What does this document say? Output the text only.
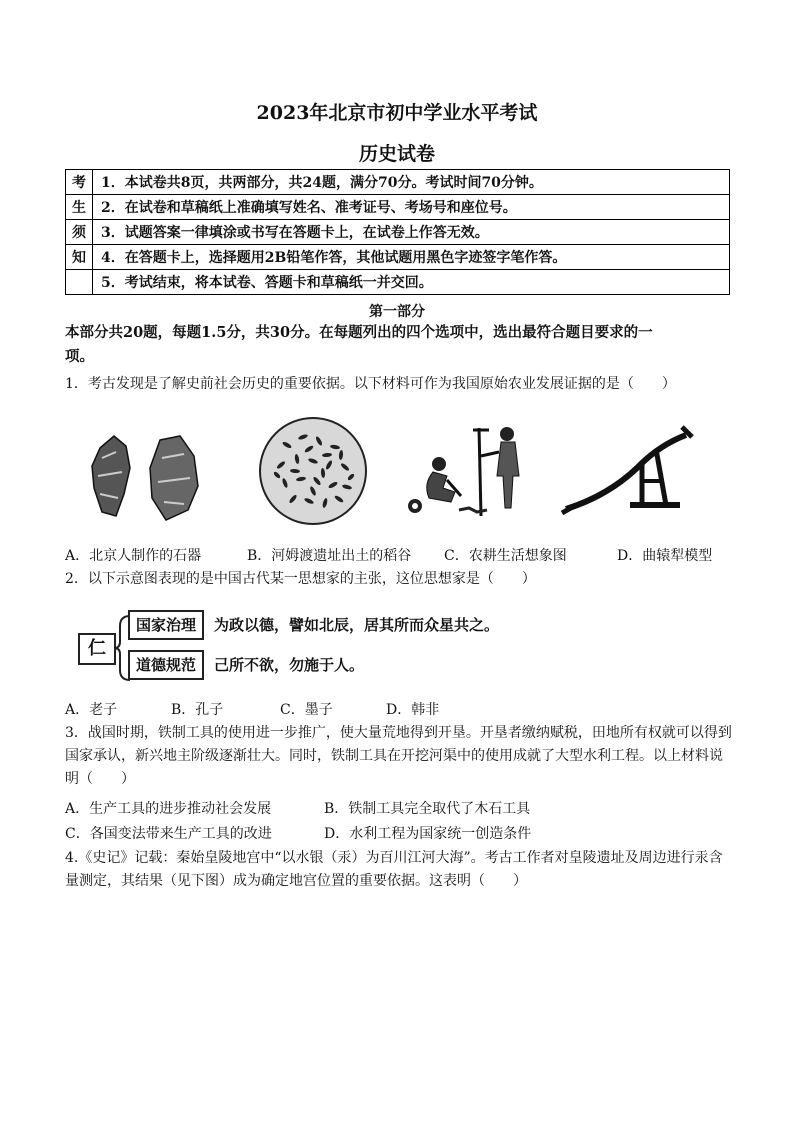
2023年北京市初中学业水平考试
历史试卷
考	1．本试卷共8页，共两部分，共24题，满分70分。考试时间70分钟。
生	2．在试卷和草稿纸上准确填写姓名、准考证号、考场号和座位号。
须	3．试题答案一律填涂或书写在答题卡上，在试卷上作答无效。
知	4．在答题卡上，选择题用2B铅笔作答，其他试题用黑色字迹签字笔作答。
	5．考试结束，将本试卷、答题卡和草稿纸一并交回。
第一部分
本部分共20题，每题1.5分，共30分。在每题列出的四个选项中，选出最符合题目要求的一
项。
1．考古发现是了解史前社会历史的重要依据。以下材料可作为我国原始农业发展证据的是（　　）
A．北京人制作的石器	B．河姆渡遗址出土的稻谷 C．农耕生活想象图	D．曲辕犁模型
2．以下示意图表现的是中国古代某一思想家的主张，这位思想家是（　　）
仁
国家治理
道德规范
为政以德，譬如北辰，居其所而众星共之。
己所不欲，勿施于人。
A．老子	B．孔子	C．墨子	D．韩非
3．战国时期，铁制工具的使用进一步推广，使大量荒地得到开垦。开垦者缴纳赋税，田地所有权就可以得到
国家承认，新兴地主阶级逐渐壮大。同时，铁制工具在开挖河渠中的使用成就了大型水利工程。以上材料说
明（　　）
A．生产工具的进步推动社会发展	B．铁制工具完全取代了木石工具
C．各国变法带来生产工具的改进	D．水利工程为国家统一创造条件
4.《史记》记载：秦始皇陵地宫中“以水银（汞）为百川江河大海”。考古工作者对皇陵遗址及周边进行汞含
量测定，其结果（见下图）成为确定地宫位置的重要依据。这表明（　　）
